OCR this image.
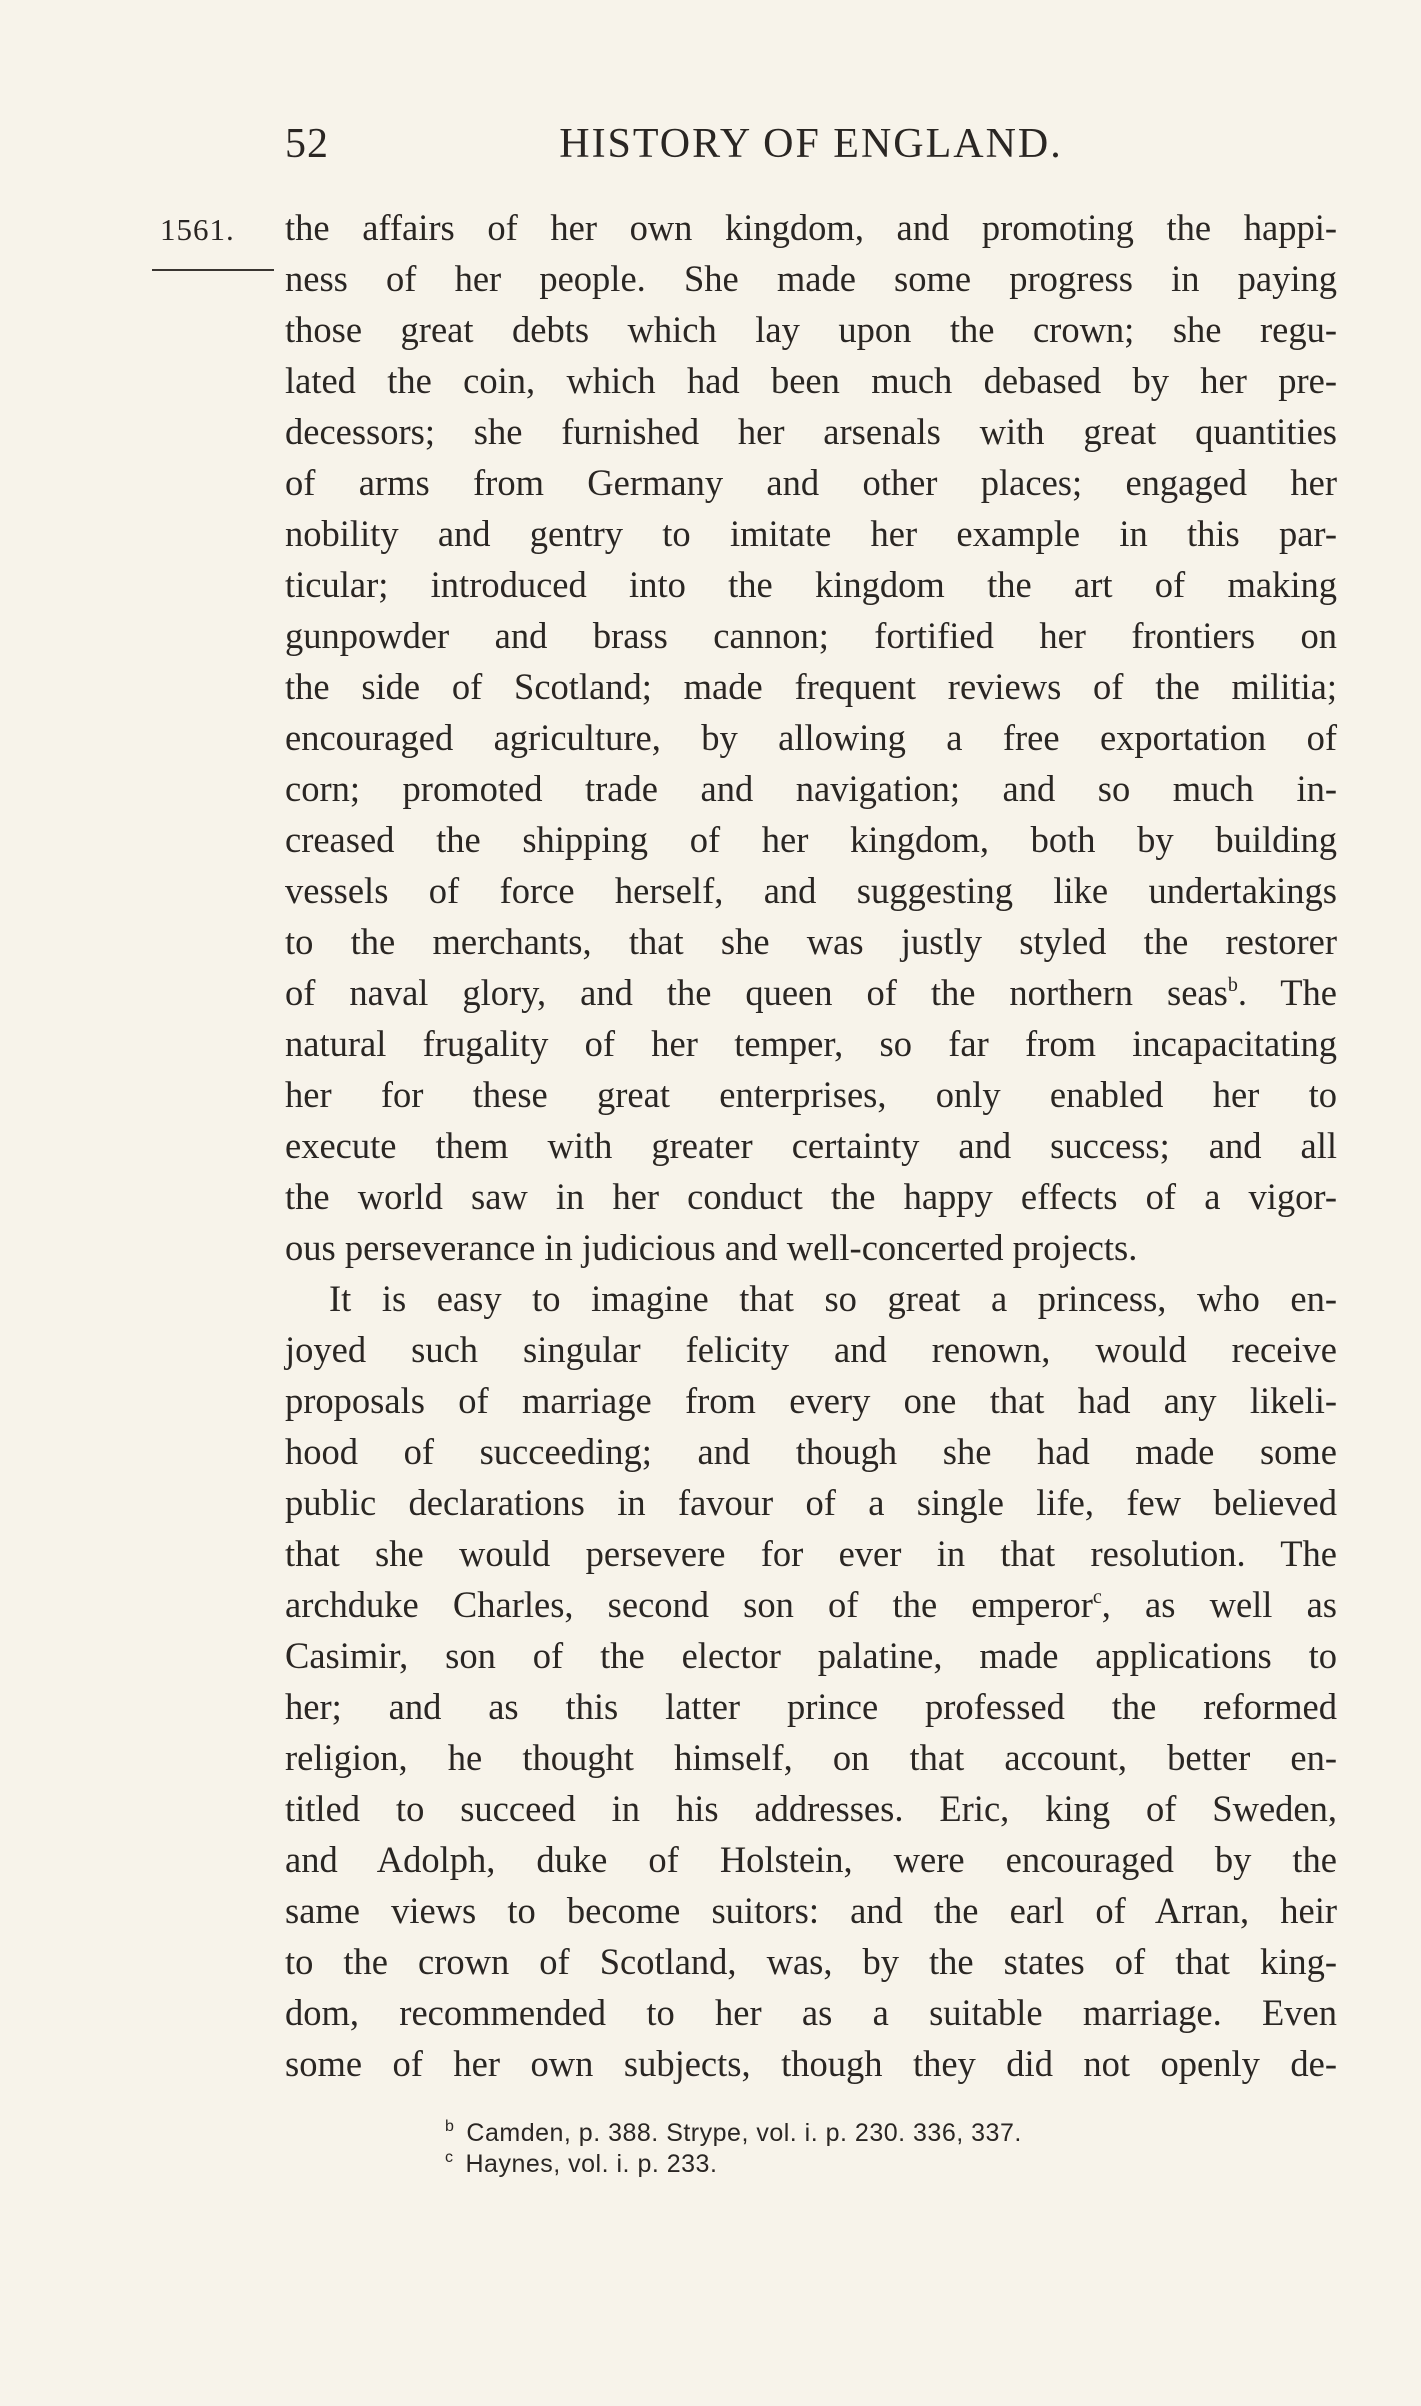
52	HISTORY OF ENGLAND.
1561. the affairs of her own kingdom, and promoting the happi-
ness of her people. She made some progress in paying
those great debts which lay upon the crown; she regu-
lated the coin, which had been much debased by her pre-
decessors; she furnished her arsenals with great quantities
of arms from Germany and other places; engaged her
nobility and gentry to imitate her example in this par-
ticular; introduced into the kingdom the art of making
gunpowder and brass cannon; fortified her frontiers on
the side of Scotland; made frequent reviews of the militia;
encouraged agriculture, by allowing a free exportation of
corn; promoted trade and navigation; and so much in-
creased the shipping of her kingdom, both by building
vessels of force herself, and suggesting like undertakings
to the merchants, that she was justly styled the restorer
of naval glory, and the queen of the northern seas$^b$. The
natural frugality of her temper, so far from incapacitating
her for these great enterprises, only enabled her to
execute them with greater certainty and success; and all
the world saw in her conduct the happy effects of a vigor-
ous perseverance in judicious and well-concerted projects.
It is easy to imagine that so great a princess, who en-
joyed such singular felicity and renown, would receive
proposals of marriage from every one that had any likeli-
hood of succeeding; and though she had made some
public declarations in favour of a single life, few believed
that she would persevere for ever in that resolution. The
archduke Charles, second son of the emperor$^c$, as well as
Casimir, son of the elector palatine, made applications to
her; and as this latter prince professed the reformed
religion, he thought himself, on that account, better en-
titled to succeed in his addresses. Eric, king of Sweden,
and Adolph, duke of Holstein, were encouraged by the
same views to become suitors: and the earl of Arran, heir
to the crown of Scotland, was, by the states of that king-
dom, recommended to her as a suitable marriage. Even
some of her own subjects, though they did not openly de-
$^b$ Camden, p. 388. Strype, vol. i. p. 230. 336, 337.
$^c$ Haynes, vol. i. p. 233.
